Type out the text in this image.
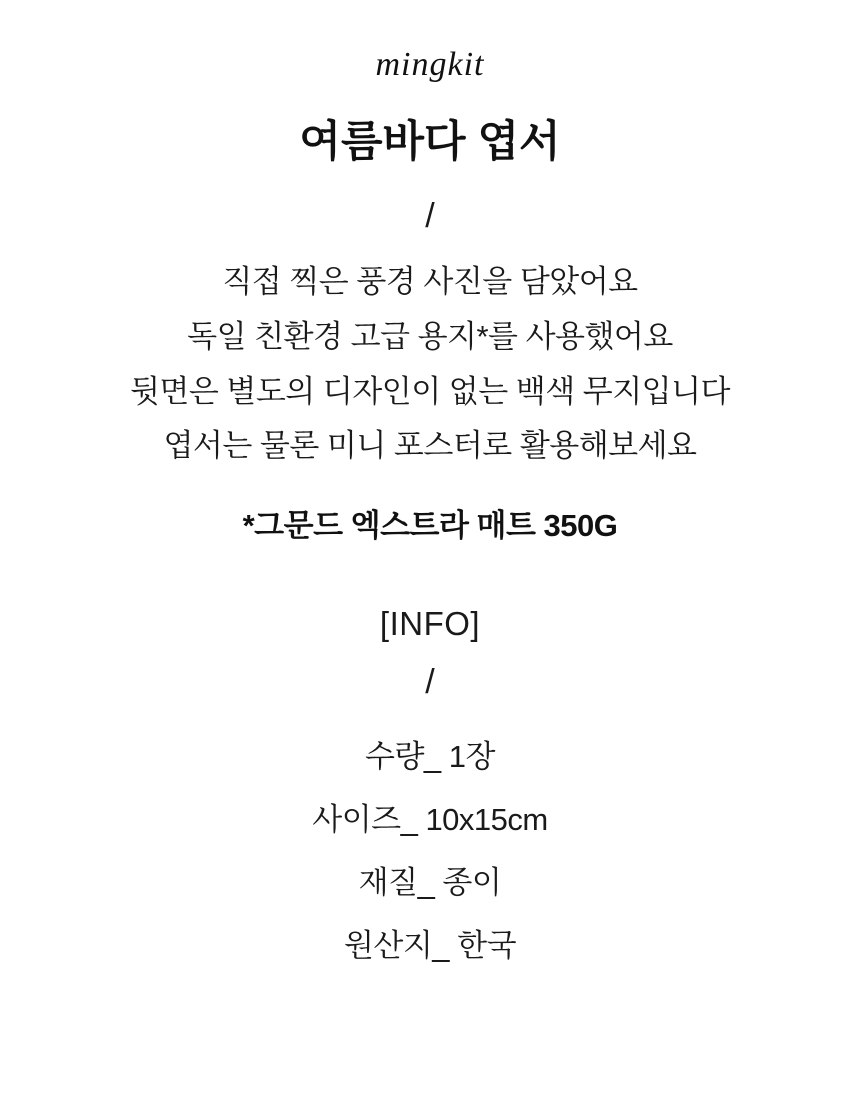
mingkit
여름바다 엽서
/
직접 찍은 풍경 사진을 담았어요
독일 친환경 고급 용지*를 사용했어요
뒷면은 별도의 디자인이 없는 백색 무지입니다
엽서는 물론 미니 포스터로 활용해보세요
*그문드 엑스트라 매트 350G
[INFO]
/
수량_ 1장
사이즈_ 10x15cm
재질_ 종이
원산지_ 한국
